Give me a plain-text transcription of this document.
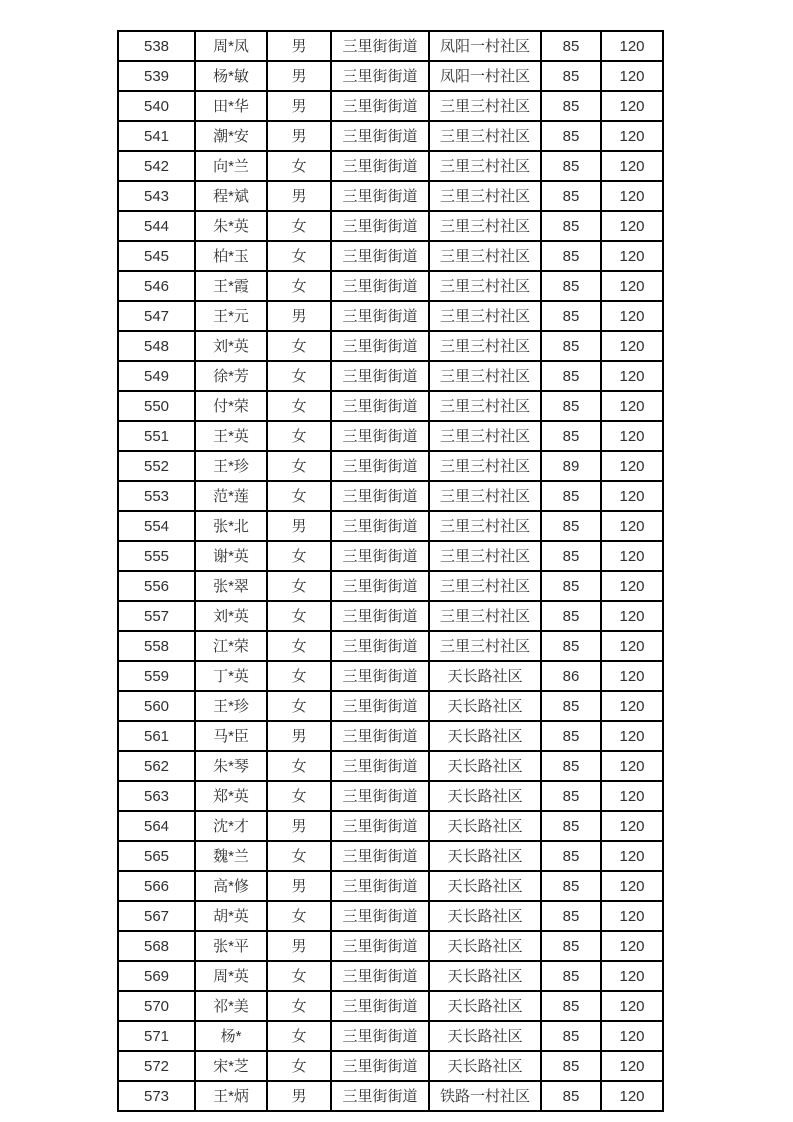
538	周*凤	男	三里街街道	凤阳一村社区	85	120
539	杨*敏	男	三里街街道	凤阳一村社区	85	120
540	田*华	男	三里街街道	三里三村社区	85	120
541	潮*安	男	三里街街道	三里三村社区	85	120
542	向*兰	女	三里街街道	三里三村社区	85	120
543	程*斌	男	三里街街道	三里三村社区	85	120
544	朱*英	女	三里街街道	三里三村社区	85	120
545	柏*玉	女	三里街街道	三里三村社区	85	120
546	王*霞	女	三里街街道	三里三村社区	85	120
547	王*元	男	三里街街道	三里三村社区	85	120
548	刘*英	女	三里街街道	三里三村社区	85	120
549	徐*芳	女	三里街街道	三里三村社区	85	120
550	付*荣	女	三里街街道	三里三村社区	85	120
551	王*英	女	三里街街道	三里三村社区	85	120
552	王*珍	女	三里街街道	三里三村社区	89	120
553	范*莲	女	三里街街道	三里三村社区	85	120
554	张*北	男	三里街街道	三里三村社区	85	120
555	谢*英	女	三里街街道	三里三村社区	85	120
556	张*翠	女	三里街街道	三里三村社区	85	120
557	刘*英	女	三里街街道	三里三村社区	85	120
558	江*荣	女	三里街街道	三里三村社区	85	120
559	丁*英	女	三里街街道	天长路社区	86	120
560	王*珍	女	三里街街道	天长路社区	85	120
561	马*臣	男	三里街街道	天长路社区	85	120
562	朱*琴	女	三里街街道	天长路社区	85	120
563	郑*英	女	三里街街道	天长路社区	85	120
564	沈*才	男	三里街街道	天长路社区	85	120
565	魏*兰	女	三里街街道	天长路社区	85	120
566	高*修	男	三里街街道	天长路社区	85	120
567	胡*英	女	三里街街道	天长路社区	85	120
568	张*平	男	三里街街道	天长路社区	85	120
569	周*英	女	三里街街道	天长路社区	85	120
570	祁*美	女	三里街街道	天长路社区	85	120
571	杨*	女	三里街街道	天长路社区	85	120
572	宋*芝	女	三里街街道	天长路社区	85	120
573	王*炳	男	三里街街道	铁路一村社区	85	120
